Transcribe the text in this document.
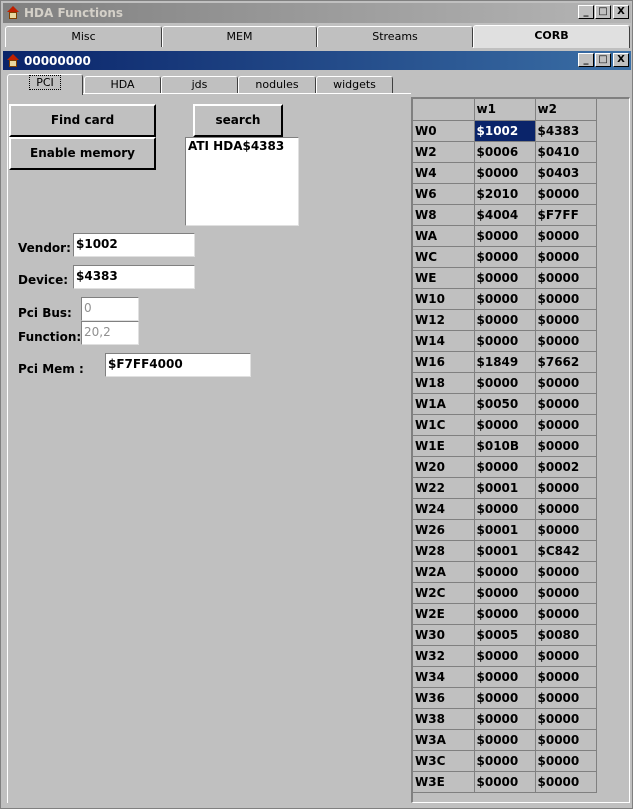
HDA Functions	_ □ X
Misc	MEM	Streams	CORB
00000000	_ □ X
PCI	HDA	jds	nodules	widgets
Find card
Enable memory
search
ATI HDA$4383
Vendor: $1002
Device: $4383
Pci Bus: 0
Function: 20,2
Pci Mem : $F7FF4000
	w1	w2
W0	$1002	$4383
W2	$0006	$0410
W4	$0000	$0403
W6	$2010	$0000
W8	$4004	$F7FF
WA	$0000	$0000
WC	$0000	$0000
WE	$0000	$0000
W10	$0000	$0000
W12	$0000	$0000
W14	$0000	$0000
W16	$1849	$7662
W18	$0000	$0000
W1A	$0050	$0000
W1C	$0000	$0000
W1E	$010B	$0000
W20	$0000	$0002
W22	$0001	$0000
W24	$0000	$0000
W26	$0001	$0000
W28	$0001	$C842
W2A	$0000	$0000
W2C	$0000	$0000
W2E	$0000	$0000
W30	$0005	$0080
W32	$0000	$0000
W34	$0000	$0000
W36	$0000	$0000
W38	$0000	$0000
W3A	$0000	$0000
W3C	$0000	$0000
W3E	$0000	$0000
